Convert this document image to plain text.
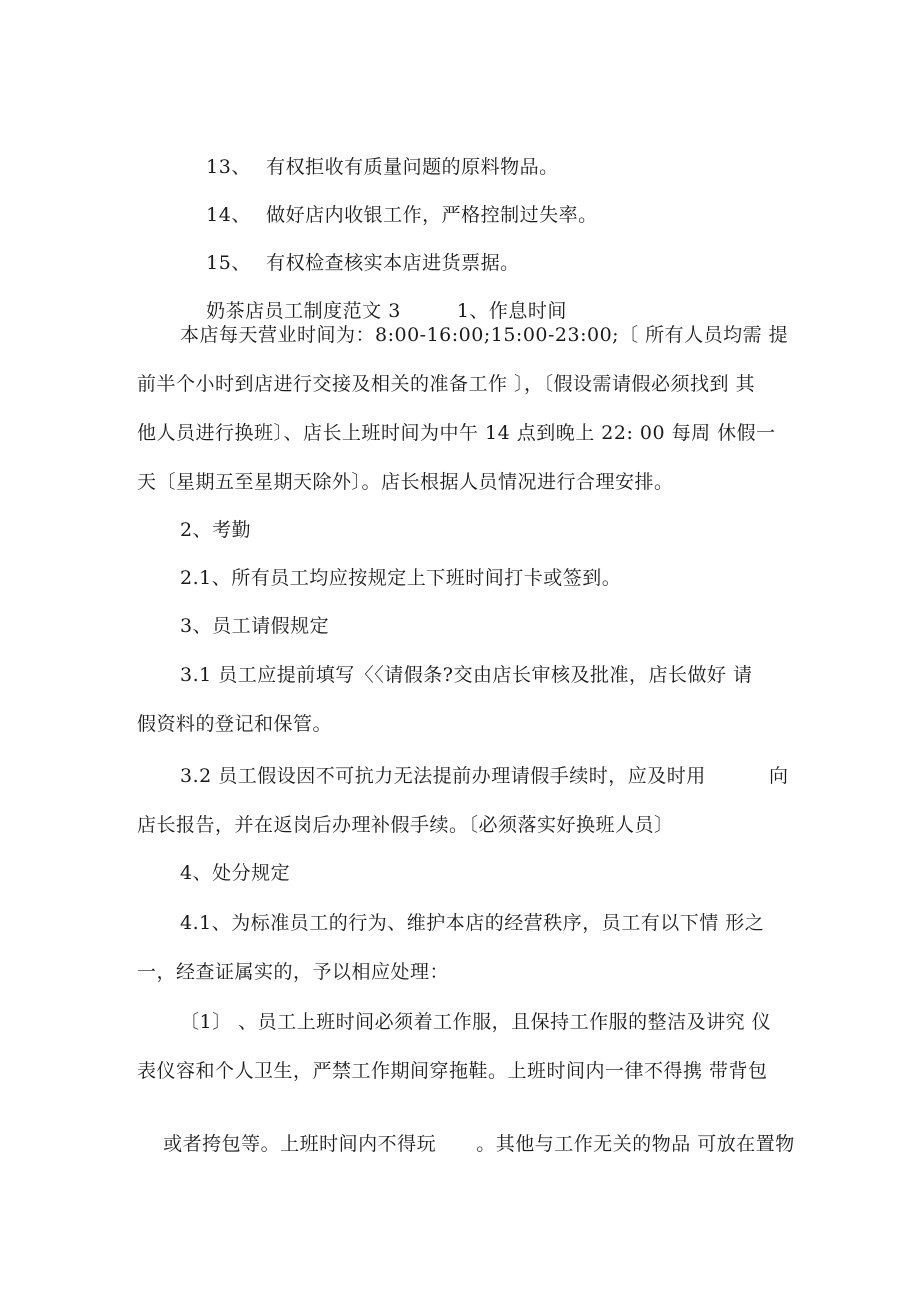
13、 有权拒收有质量问题的原料物品。

14、 做好店内收银工作，严格控制过失率。

15、 有权检查核实本店进货票据。

奶茶店员工制度范文 3	1、作息时间

本店每天营业时间为：8:00-16:00;15:00-23:00;〔 所有人员均需 提
前半个小时到店进行交接及相关的准备工作 〕，〔假设需请假必须找到 其
他人员进行换班〕、店长上班时间为中午 14 点到晚上 22: 00 每周 休假一
天〔星期五至星期天除外〕。店长根据人员情况进行合理安排。
2、考勤
2.1、所有员工均应按规定上下班时间打卡或签到。
3、员工请假规定
3.1 员工应提前填写〈〈请假条?交由店长审核及批准，店长做好 请
假资料的登记和保管。
3.2 员工假设因不可抗力无法提前办理请假手续时，应及时用	向
店长报告，并在返岗后办理补假手续。〔必须落实好换班人员〕
4、处分规定
4.1、为标准员工的行为、维护本店的经营秩序，员工有以下情 形之
一，经查证属实的，予以相应处理：
〔1〕 、员工上班时间必须着工作服，且保持工作服的整洁及讲究 仪
表仪容和个人卫生，严禁工作期间穿拖鞋。上班时间内一律不得携 带背包

或者挎包等。上班时间内不得玩 。其他与工作无关的物品 可放在置物
